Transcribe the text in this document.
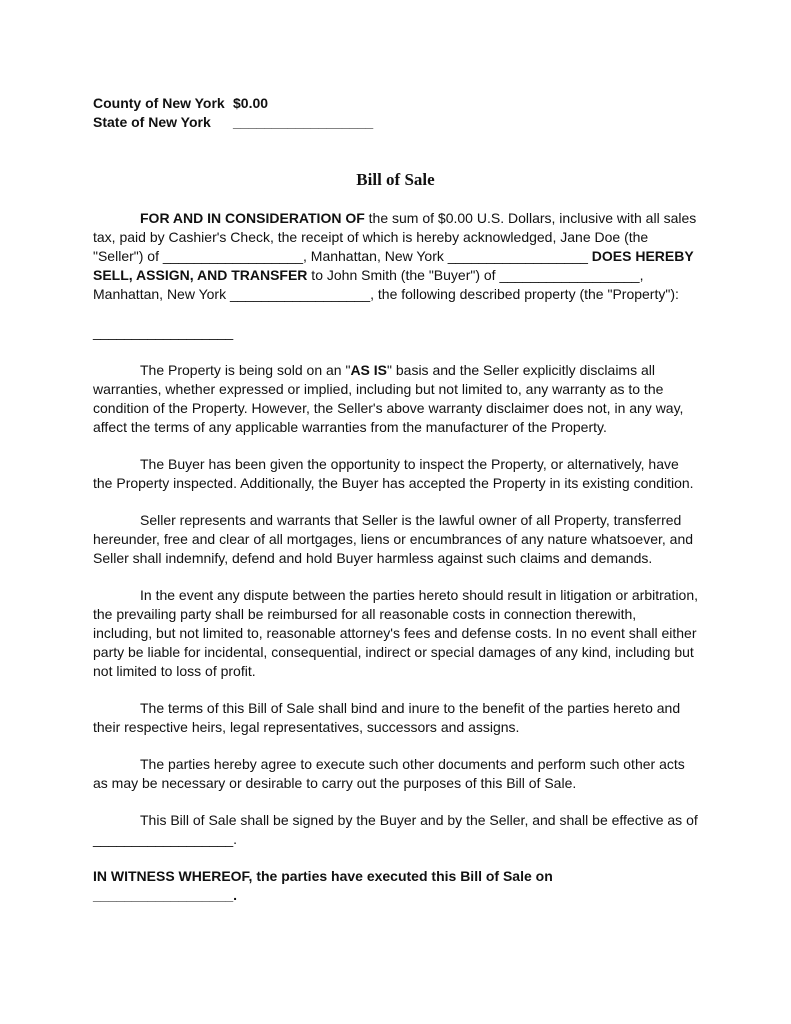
County of New York $0.00
State of New York	__________________
Bill of Sale

FOR AND IN CONSIDERATION OF the sum of $0.00 U.S. Dollars, inclusive with all sales tax, paid by Cashier's Check, the receipt of which is hereby acknowledged, Jane Doe (the "Seller") of __________________, Manhattan, New York __________________ DOES HEREBY SELL, ASSIGN, AND TRANSFER to John Smith (the "Buyer") of __________________, Manhattan, New York __________________, the following described property (the "Property"):

__________________

The Property is being sold on an "AS IS" basis and the Seller explicitly disclaims all warranties, whether expressed or implied, including but not limited to, any warranty as to the condition of the Property. However, the Seller's above warranty disclaimer does not, in any way, affect the terms of any applicable warranties from the manufacturer of the Property.

The Buyer has been given the opportunity to inspect the Property, or alternatively, have the Property inspected. Additionally, the Buyer has accepted the Property in its existing condition.

Seller represents and warrants that Seller is the lawful owner of all Property, transferred hereunder, free and clear of all mortgages, liens or encumbrances of any nature whatsoever, and Seller shall indemnify, defend and hold Buyer harmless against such claims and demands.

In the event any dispute between the parties hereto should result in litigation or arbitration, the prevailing party shall be reimbursed for all reasonable costs in connection therewith, including, but not limited to, reasonable attorney's fees and defense costs. In no event shall either party be liable for incidental, consequential, indirect or special damages of any kind, including but not limited to loss of profit.

The terms of this Bill of Sale shall bind and inure to the benefit of the parties hereto and their respective heirs, legal representatives, successors and assigns.

The parties hereby agree to execute such other documents and perform such other acts as may be necessary or desirable to carry out the purposes of this Bill of Sale.

This Bill of Sale shall be signed by the Buyer and by the Seller, and shall be effective as of __________________.

IN WITNESS WHEREOF, the parties have executed this Bill of Sale on __________________.
